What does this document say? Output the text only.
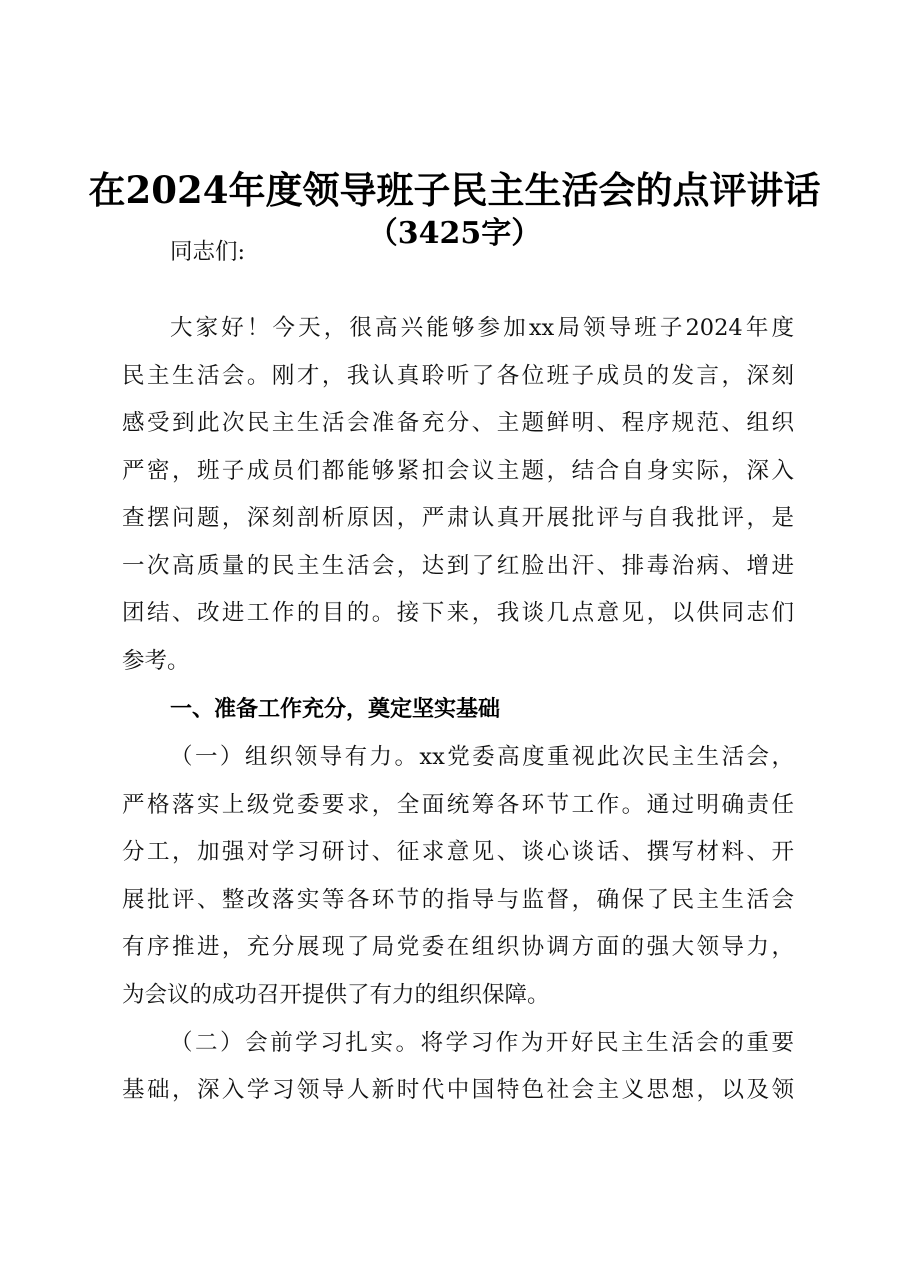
在2024年度领导班子民主生活会的点评讲话
（3425字）
同志们:
大家好！今天，很高兴能够参加xx局领导班子2024年度
民主生活会。刚才，我认真聆听了各位班子成员的发言，深刻
感受到此次民主生活会准备充分、主题鲜明、程序规范、组织
严密，班子成员们都能够紧扣会议主题，结合自身实际，深入
查摆问题，深刻剖析原因，严肃认真开展批评与自我批评，是
一次高质量的民主生活会，达到了红脸出汗、排毒治病、增进
团结、改进工作的目的。接下来，我谈几点意见，以供同志们
参考。
一、准备工作充分，奠定坚实基础
（一）组织领导有力。xx党委高度重视此次民主生活会，
严格落实上级党委要求，全面统筹各环节工作。通过明确责任
分工，加强对学习研讨、征求意见、谈心谈话、撰写材料、开
展批评、整改落实等各环节的指导与监督，确保了民主生活会
有序推进，充分展现了局党委在组织协调方面的强大领导力，
为会议的成功召开提供了有力的组织保障。
（二）会前学习扎实。将学习作为开好民主生活会的重要
基础，深入学习领导人新时代中国特色社会主义思想，以及领
